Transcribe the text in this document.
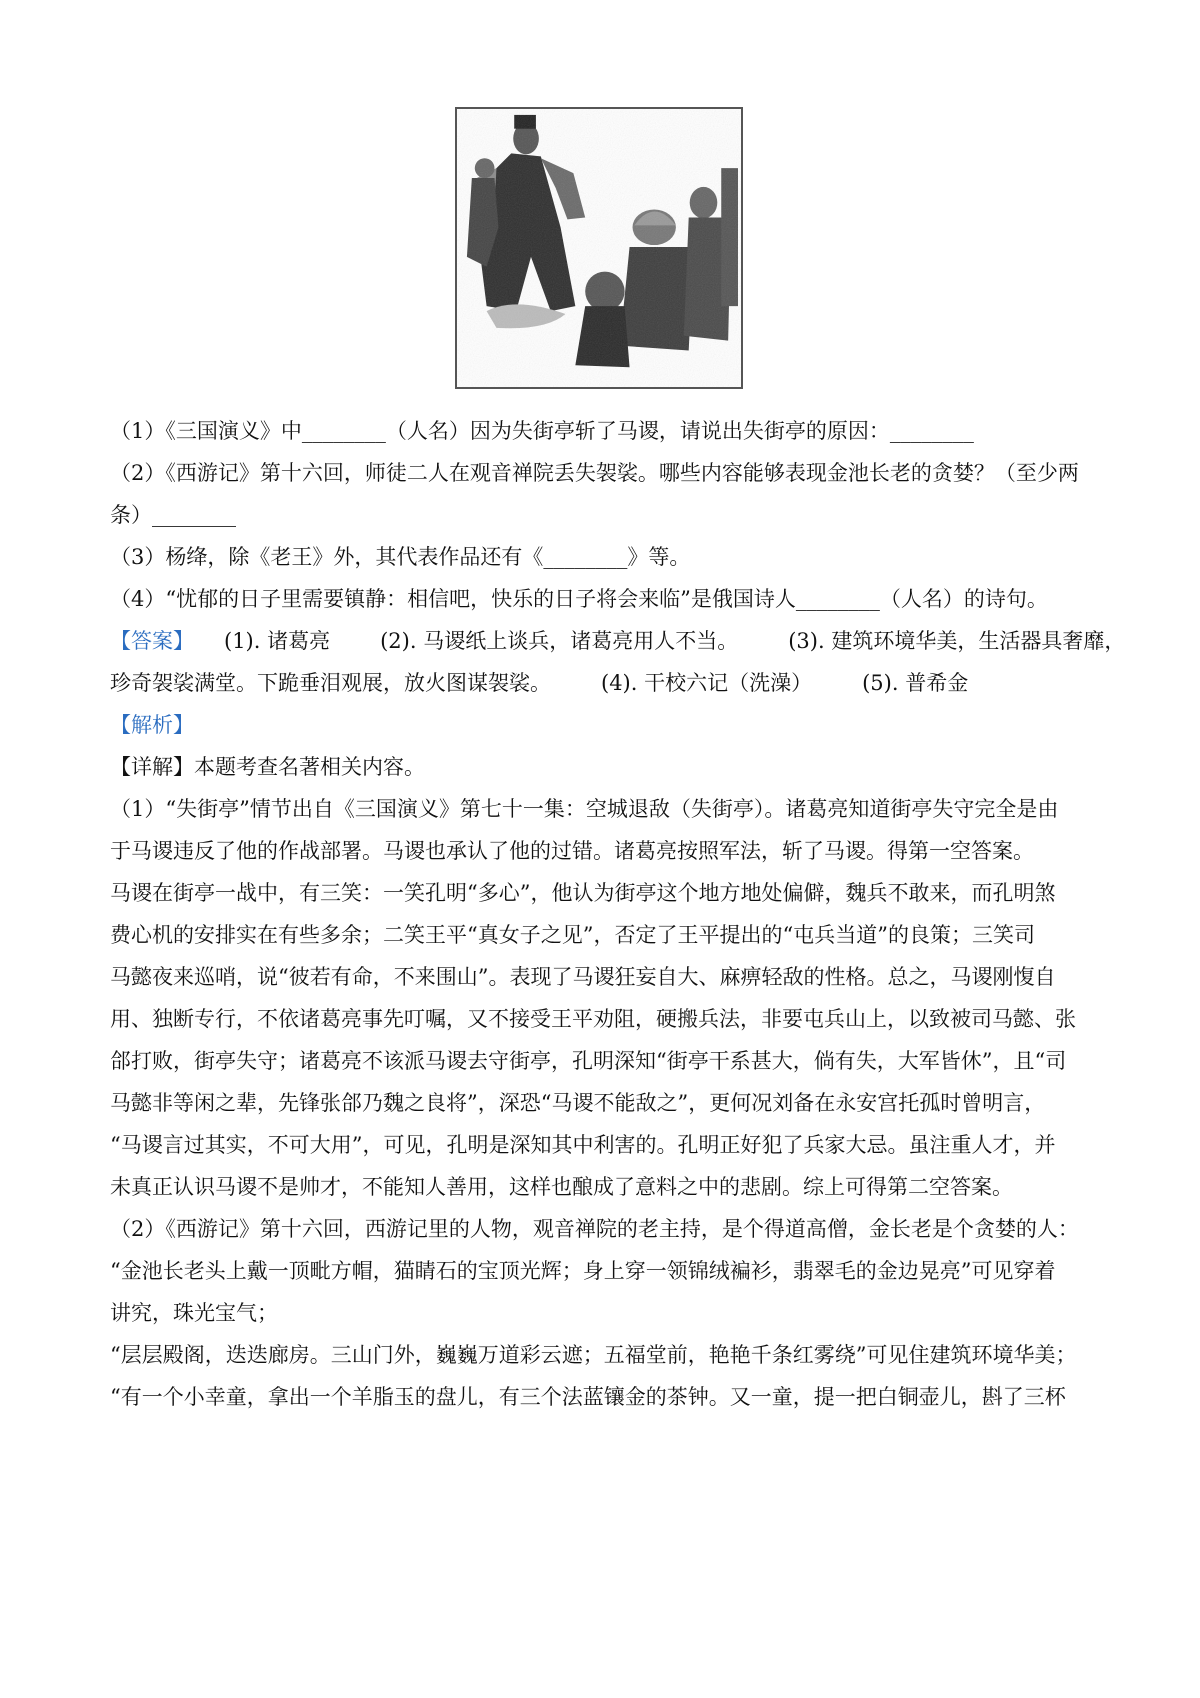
（1）《三国演义》中________（人名）因为失街亭斩了马谡，请说出失街亭的原因：________
（2）《西游记》第十六回，师徒二人在观音禅院丢失袈裟。哪些内容能够表现金池长老的贪婪？（至少两
条）________
（3）杨绛，除《老王》外，其代表作品还有《________》等。
（4）“忧郁的日子里需要镇静：相信吧，快乐的日子将会来临”是俄国诗人________（人名）的诗句。
【答案】 (1). 诸葛亮 (2). 马谡纸上谈兵，诸葛亮用人不当。 (3). 建筑环境华美，生活器具奢靡，
珍奇袈裟满堂。下跪垂泪观展，放火图谋袈裟。 (4). 干校六记（洗澡） (5). 普希金
【解析】
【详解】本题考查名著相关内容。
（1）“失街亭”情节出自《三国演义》第七十一集：空城退敌（失街亭）。诸葛亮知道街亭失守完全是由
于马谡违反了他的作战部署。马谡也承认了他的过错。诸葛亮按照军法，斩了马谡。得第一空答案。
马谡在街亭一战中，有三笑：一笑孔明“多心”，他认为街亭这个地方地处偏僻，魏兵不敢来，而孔明煞
费心机的安排实在有些多余；二笑王平“真女子之见”，否定了王平提出的“屯兵当道”的良策；三笑司
马懿夜来巡哨，说“彼若有命，不来围山”。表现了马谡狂妄自大、麻痹轻敌的性格。总之，马谡刚愎自
用、独断专行，不依诸葛亮事先叮嘱，又不接受王平劝阻，硬搬兵法，非要屯兵山上，以致被司马懿、张
郃打败，街亭失守；诸葛亮不该派马谡去守街亭，孔明深知“街亭干系甚大，倘有失，大军皆休”，且“司
马懿非等闲之辈，先锋张郃乃魏之良将”，深恐“马谡不能敌之”，更何况刘备在永安宫托孤时曾明言，
“马谡言过其实，不可大用”，可见，孔明是深知其中利害的。孔明正好犯了兵家大忌。虽注重人才，并
未真正认识马谡不是帅才，不能知人善用，这样也酿成了意料之中的悲剧。综上可得第二空答案。
（2）《西游记》第十六回，西游记里的人物，观音禅院的老主持，是个得道高僧，金长老是个贪婪的人：
“金池长老头上戴一顶毗方帽，猫睛石的宝顶光辉；身上穿一领锦绒褊衫，翡翠毛的金边晃亮”可见穿着
讲究，珠光宝气；
“层层殿阁，迭迭廊房。三山门外，巍巍万道彩云遮；五福堂前，艳艳千条红雾绕”可见住建筑环境华美；
“有一个小幸童，拿出一个羊脂玉的盘儿，有三个法蓝镶金的茶钟。又一童，提一把白铜壶儿，斟了三杯
